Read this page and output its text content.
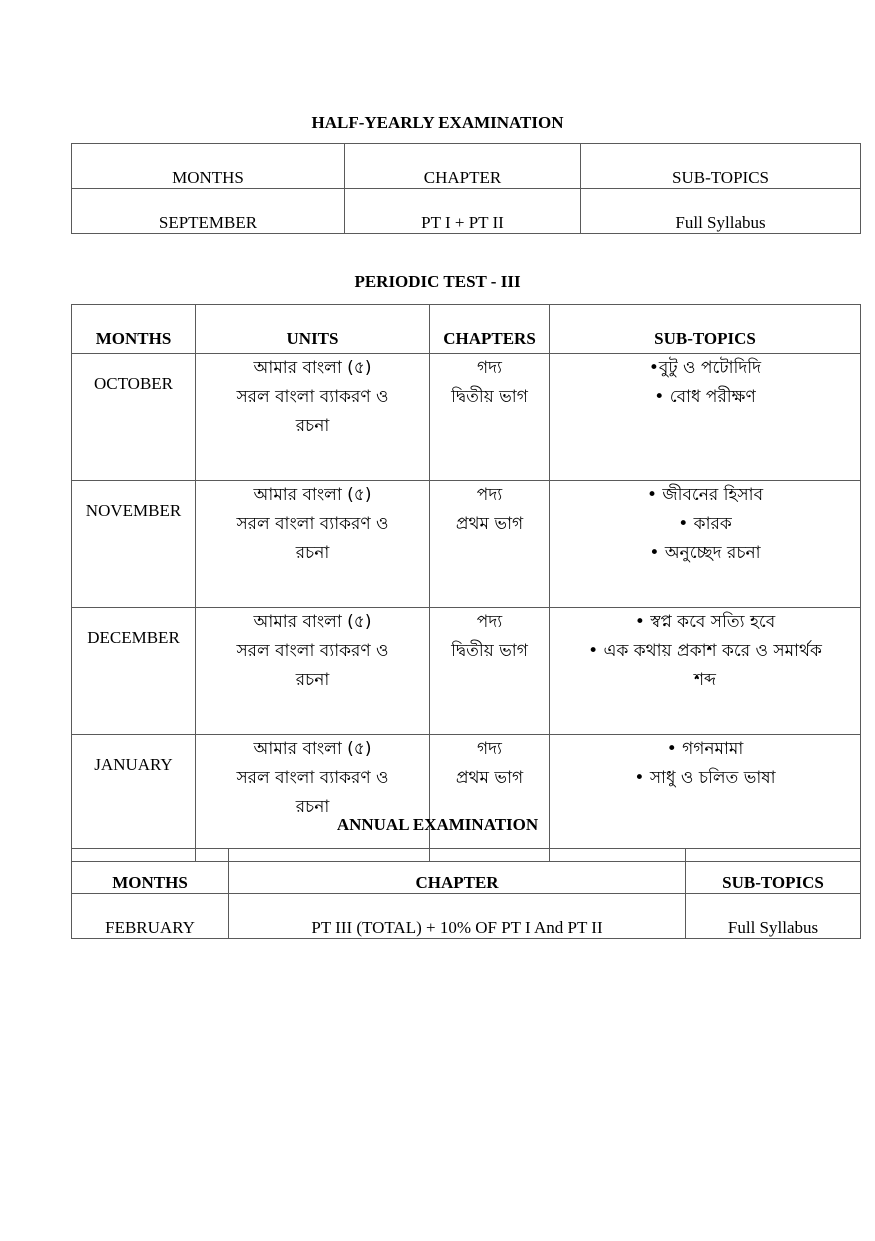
HALF-YEARLY EXAMINATION
MONTHS	CHAPTER	SUB-TOPICS
SEPTEMBER	PT I + PT II	Full Syllabus
PERIODIC TEST - III
MONTHS	UNITS	CHAPTERS	SUB-TOPICS
OCTOBER	
আমার বাংলা (৫)
সরল বাংলা ব্যাকরণ ও
রচনা

গদ্য
দ্বিতীয় ভাগ

•বুটু ও পটোদিদি
• বোধ পরীক্ষণ

NOVEMBER	
আমার বাংলা (৫)
সরল বাংলা ব্যাকরণ ও
রচনা

পদ্য
প্রথম ভাগ

• জীবনের হিসাব
• কারক
• অনুচ্ছেদ রচনা

DECEMBER	
আমার বাংলা (৫)
সরল বাংলা ব্যাকরণ ও
রচনা

পদ্য
দ্বিতীয় ভাগ

• স্বপ্ন কবে সত্যি হবে
• এক কথায় প্রকাশ করে ও সমার্থক
শব্দ

JANUARY	
আমার বাংলা (৫)
সরল বাংলা ব্যাকরণ ও
রচনা

গদ্য
প্রথম ভাগ

• গগনমামা
• সাধু ও চলিত ভাষা
ANNUAL EXAMINATION
MONTHS	CHAPTER	SUB-TOPICS
FEBRUARY	PT III (TOTAL) + 10% OF PT I And PT II	Full Syllabus
